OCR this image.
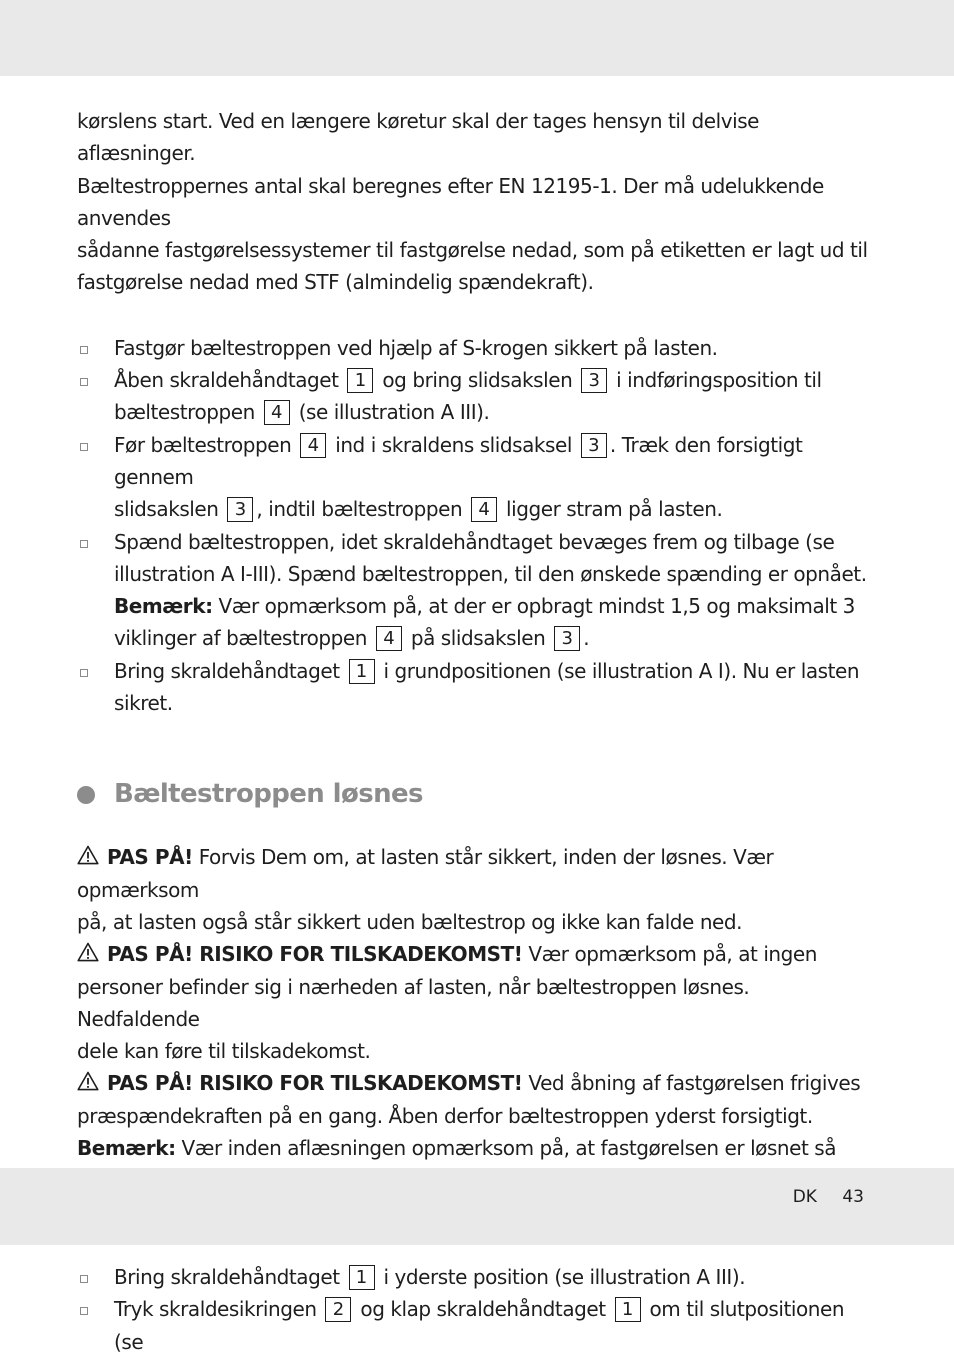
kørslens start. Ved en længere køretur skal der tages hensyn til delvise aflæsninger.

Bæltestroppernes antal skal beregnes efter EN 12195-1. Der må udelukkende anvendes

sådanne fastgørelsessystemer til fastgørelse nedad, som på etiketten er lagt ud til

fastgørelse nedad med STF (almindelig spændekraft).

Fastgør bæltestroppen ved hjælp af S-krogen sikkert på lasten.

Åben skraldehåndtaget 1 og bring slidsakslen 3 i indføringsposition til

bæltestroppen 4 (se illustration A III).

Før bæltestroppen 4 ind i skraldens slidsaksel 3 . Træk den forsigtigt gennem

slidsakslen 3 , indtil bæltestroppen 4 ligger stram på lasten.

Spænd bæltestroppen, idet skraldehåndtaget bevæges frem og tilbage (se

illustration A I-III). Spænd bæltestroppen, til den ønskede spænding er opnået.

Bemærk: Vær opmærksom på, at der er opbragt mindst 1,5 og maksimalt 3

viklinger af bæltestroppen 4 på slidsakslen 3 .

Bring skraldehåndtaget 1 i grundpositionen (se illustration A I). Nu er lasten

sikret.

Bæltestroppen løsnes

PAS PÅ! Forvis Dem om, at lasten står sikkert, inden der løsnes. Vær opmærksom

på, at lasten også står sikkert uden bæltestrop og ikke kan falde ned.

PAS PÅ! RISIKO FOR TILSKADEKOMST! Vær opmærksom på, at ingen

personer befinder sig i nærheden af lasten, når bæltestroppen løsnes. Nedfaldende

dele kan føre til tilskadekomst.

PAS PÅ! RISIKO FOR TILSKADEKOMST! Ved åbning af fastgørelsen frigives

præspændekraften på en gang. Åben derfor bæltestroppen yderst forsigtigt.

Bemærk: Vær inden aflæsningen opmærksom på, at fastgørelsen er løsnet så

Bring skraldehåndtaget 1 i yderste position (se illustration A III).

Tryk skraldesikringen 2 og klap skraldehåndtaget 1 om til slutpositionen (se

DK 43
